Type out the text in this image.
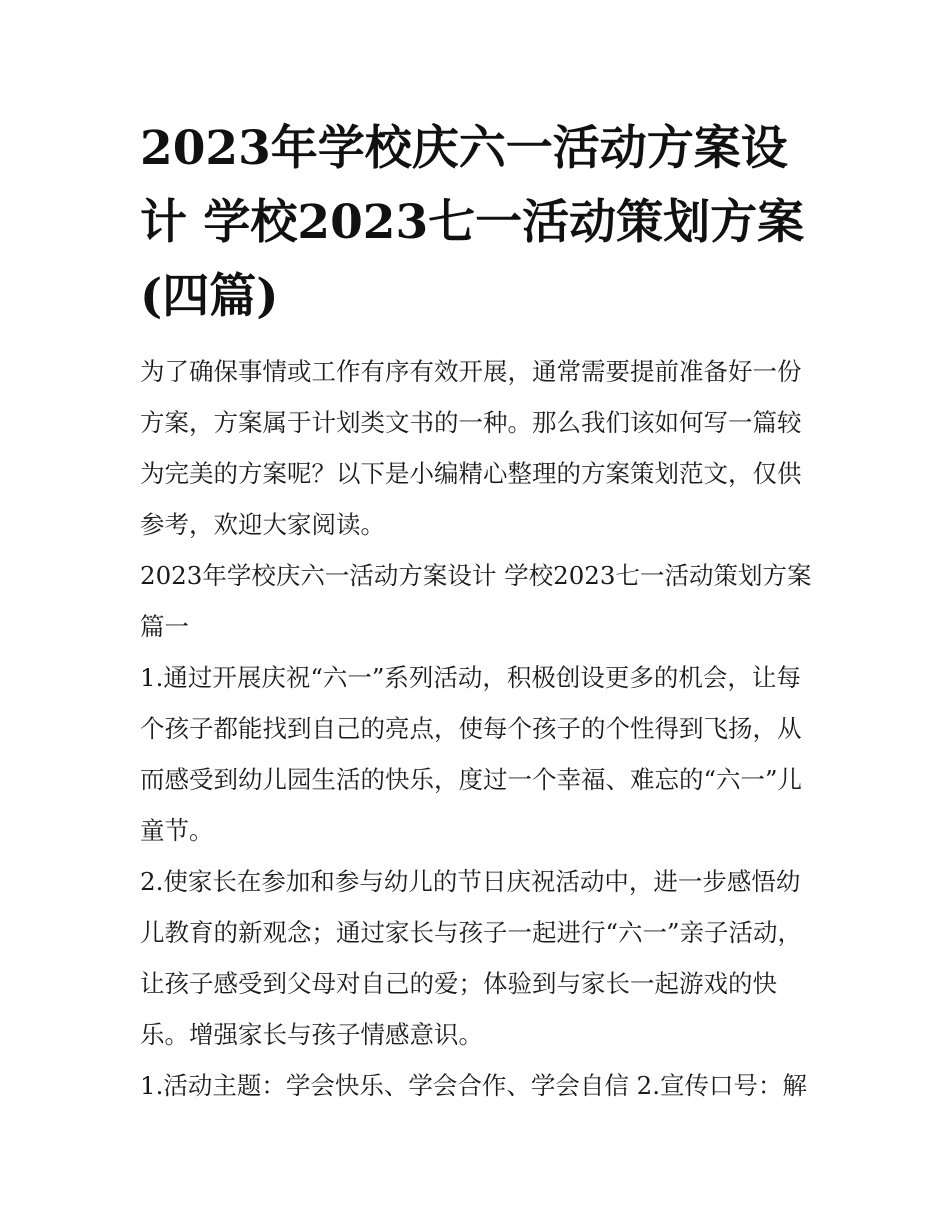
2023年学校庆六一活动方案设计 学校2023七一活动策划方案(四篇)

为了确保事情或工作有序有效开展，通常需要提前准备好一份方案，方案属于计划类文书的一种。那么我们该如何写一篇较为完美的方案呢？以下是小编精心整理的方案策划范文，仅供参考，欢迎大家阅读。

2023年学校庆六一活动方案设计 学校2023七一活动策划方案篇一

1.通过开展庆祝“六一”系列活动，积极创设更多的机会，让每个孩子都能找到自己的亮点，使每个孩子的个性得到飞扬，从而感受到幼儿园生活的快乐，度过一个幸福、难忘的“六一”儿童节。

2.使家长在参加和参与幼儿的节日庆祝活动中，进一步感悟幼儿教育的新观念；通过家长与孩子一起进行“六一”亲子活动，让孩子感受到父母对自己的爱；体验到与家长一起游戏的快乐。增强家长与孩子情感意识。

1.活动主题：学会快乐、学会合作、学会自信 2.宣传口号：解
